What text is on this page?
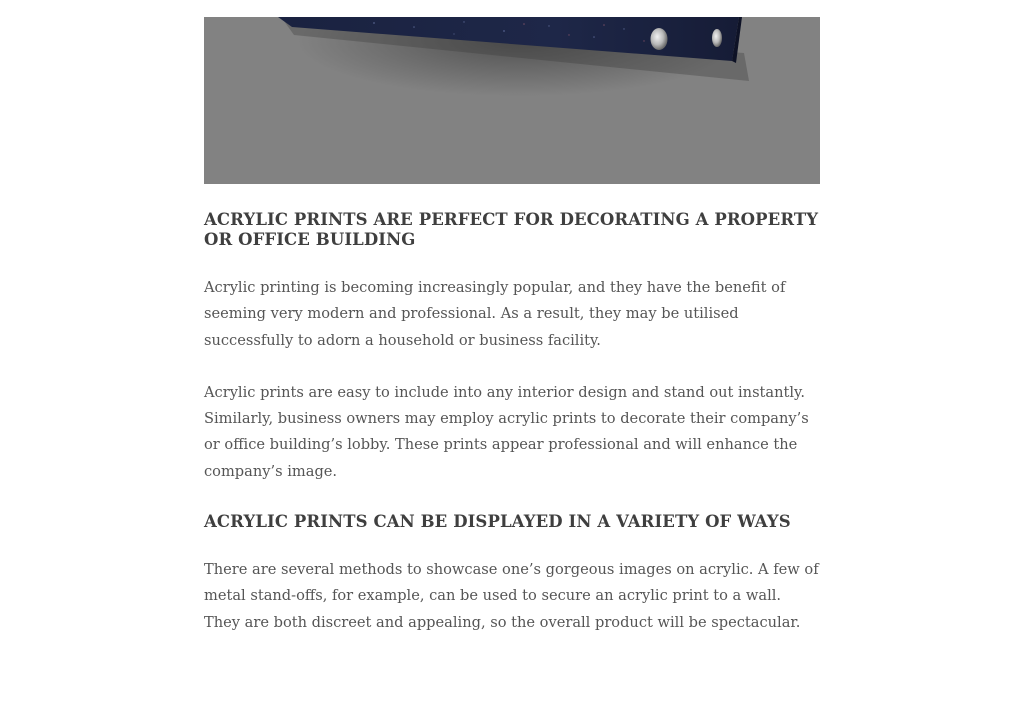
ACRYLIC PRINTS ARE PERFECT FOR DECORATING A PROPERTY OR OFFICE BUILDING

Acrylic printing is becoming increasingly popular, and they have the benefit of seeming very modern and professional. As a result, they may be utilised successfully to adorn a household or business facility.

Acrylic prints are easy to include into any interior design and stand out instantly. Similarly, business owners may employ acrylic prints to decorate their company’s or office building’s lobby. These prints appear professional and will enhance the company’s image.

ACRYLIC PRINTS CAN BE DISPLAYED IN A VARIETY OF WAYS

There are several methods to showcase one’s gorgeous images on acrylic. A few of metal stand-offs, for example, can be used to secure an acrylic print to a wall. They are both discreet and appealing, so the overall product will be spectacular.
